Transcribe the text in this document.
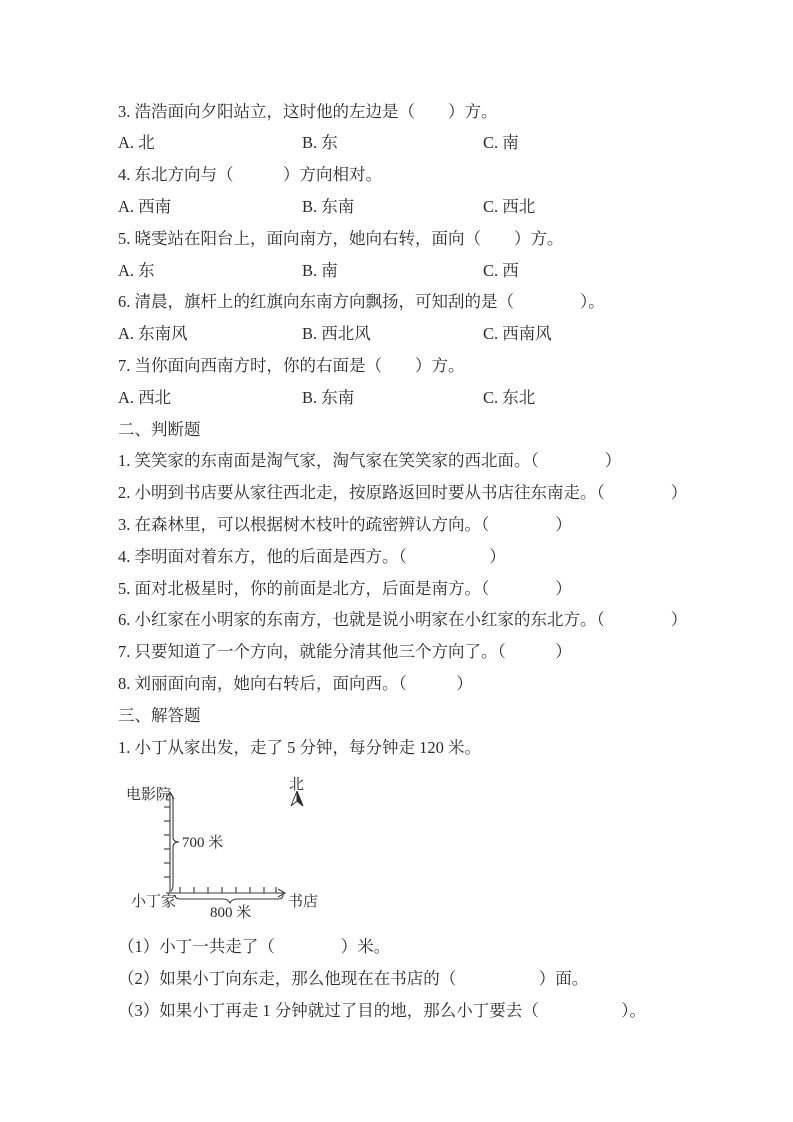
3. 浩浩面向夕阳站立，这时他的左边是（　　）方。
A. 北	B. 东	C. 南
4. 东北方向与（　　　）方向相对。
A. 西南	B. 东南	C. 西北
5. 晓雯站在阳台上，面向南方，她向右转，面向（　　）方。
A. 东	B. 南	C. 西
6. 清晨，旗杆上的红旗向东南方向飘扬，可知刮的是（　　　　）。
A. 东南风	B. 西北风	C. 西南风
7. 当你面向西南方时，你的右面是（　　）方。
A. 西北	B. 东南	C. 东北
二、判断题
1. 笑笑家的东南面是淘气家，淘气家在笑笑家的西北面。（　　　　）
2. 小明到书店要从家往西北走，按原路返回时要从书店往东南走。（　　　　）
3. 在森林里，可以根据树木枝叶的疏密辨认方向。（　　　　）
4. 李明面对着东方，他的后面是西方。（　　　　　）
5. 面对北极星时，你的前面是北方，后面是南方。（　　　　）
6. 小红家在小明家的东南方，也就是说小明家在小红家的东北方。（　　　　）
7. 只要知道了一个方向，就能分清其他三个方向了。（　　　）
8. 刘丽面向南，她向右转后，面向西。（　　　）
三、解答题
1. 小丁从家出发，走了 5 分钟，每分钟走 120 米。
电影院
北
700 米
800 米
小丁家	书店
（1）小丁一共走了（　　　　）米。
（2）如果小丁向东走，那么他现在在书店的（　　　　　）面。
（3）如果小丁再走 1 分钟就过了目的地，那么小丁要去（　　　　　）。
